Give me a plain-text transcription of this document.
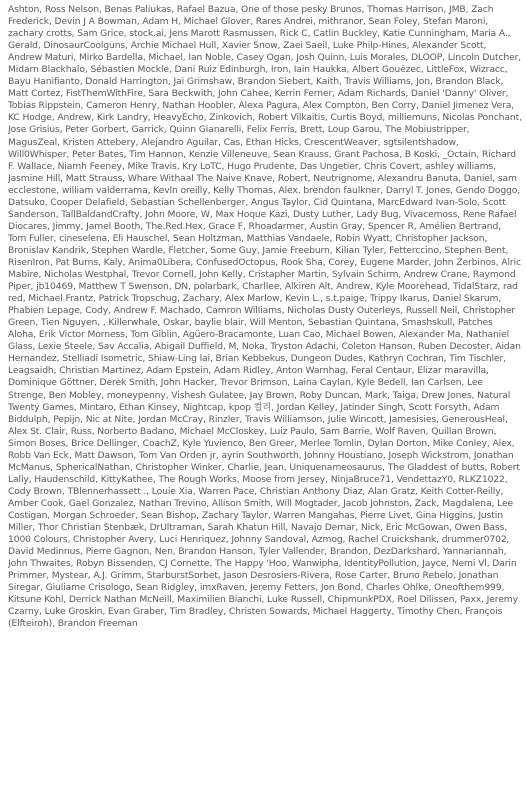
Ashton, Ross Nelson, Benas Paliukas, Rafael Bazua, One of those pesky Brunos, Thomas Harrison, JMB, Zach Frederick, Devin J A Bowman, Adam H, Michael Glover, Rares Andrei, mithranor, Sean Foley, Stefan Maroni, zachary crotts, Sam Grice, stock.ai, Jens Marott Rasmussen, Rick C, Catlin Buckley, Katie Cunningham, Maria A., Gerald, DinosaurCoolguns, Archie Michael Hull, Xavier Snow, Zaei Saeil, Luke Philp-Hines, Alexander Scott, Andrew Maturi, Mirko Bardella, Michael, Ian Noble, Casey Ogan, Josh Quinn, Luis Morales, DLOOP, Lincoln Dutcher, Midarn Blackhalo, Sébastien Mockle, Dani Ruiz Edinburgh, Iron, Iain Haukka, Albert Gouëzec, LittleFox, Wizracc, Bayu Hanifianto, Donald Harrington, Jai Grimshaw, Brandon Siebert, Kaith, Travis Williams, Jon, Brandon Black, Matt Cortez, FistThemWithFire, Sara Beckwith, John Cahee, Kerrin Ferner, Adam Richards, Daniel 'Danny' Oliver, Tobias Rippstein, Cameron Henry, Nathan Hoobler, Alexa Pagura, Alex Compton, Ben Corry, Daniel Jimenez Vera, KC Hodge, Andrew, Kirk Landry, HeavyEcho, Zinkovich, Robert Vilkaitis, Curtis Boyd, milliemuns, Nicolas Ponchant, Jose Grisius, Peter Gorbert, Garrick, Quinn Gianarelli, Felix Ferris, Brett, Loup Garou, The Mobiustripper, MagusZeal, Kristen Attebery, Alejandro Aguilar, Cas, Ethan Hicks, CrescentWeaver, sgtsilentshadow, Will0Whisper, Peter Bates, Tim Hannon, Kenzie Villeneuve, Sean Krauss, Grant Pachosa, B Koski, _Octain, Richard F. Wallace, Niamh Feeney, Mike Travis, Kry LoTC, Hugo Prudente, Das Ungetier, Chris Covert, ashley williams, Jasmine Hill, Matt Strauss, Whare Withaal The Naive Knave, Robert, Neutrignome, Alexandru Banuta, Daniel, sam ecclestone, william valderrama, Kevln oreilly, Kelly Thomas, Alex, brendon faulkner, Darryl T. Jones, Gendo Doggo, Datsuko, Cooper Delafield, Sebastian Schellenberger, Angus Taylor, Cid Quintana, MarcEdward Ivan-Solo, Scott Sanderson, TallBaldandCrafty, John Moore, W, Max Hoque Kazi, Dusty Luther, Lady Bug, Vivacemoss, Rene Rafael Diocares, Jimmy, Jamel Booth, The.Red.Hex, Grace F, Rhoadarmer, Austin Gray, Spencer R, Amélien Bertrand, Tom Fuller, cineselena, Eli Hauschel, Sean Holtzman, Matthias Vandaele, Robin Wyatt, Christopher Jackson, Bronislav Kandrik, Stephen Wardle, Fletcher, Some Guy, Jamie Freeburn, Kilian Tyler, Fetterccino, Stephen Bent, RisenIron, Pat Burns, Kaly, Anima0Libera, ConfusedOctopus, Rook Sha, Corey, Eugene Marder, John Zerbinos, Alric Mabire, Nicholas Westphal, Trevor Cornell, John Kelly, Cristapher Martin, Sylvain Schirm, Andrew Crane, Raymond Piper, jb10469, Matthew T Swenson, DN, polarbark, Charllee, Alkiren Alt, Andrew, Kyle Moorehead, TidalStarz, rad red, Michael Frantz, Patrick Tropschug, Zachary, Alex Marlow, Kevin L., s.t.paige, Trippy Ikarus, Daniel Skarum, Phabien Lepage, Cody, Andrew F. Machado, Camron Williams, Nicholas Dusty Outerleys, Russell Neil, Christopher Green, Tien Nguyen, , Killerwhale, Oskar, baylie blair, Will Menton, Sebastian Quintana, Smashskull, Patches Aloha, Erik Victor Morness, Tom Giblin, Agüero-Bracamonte, Luan Cao, Michael Bowen, Alexander Ma, Nathaniel Glass, Lexie Steele, Sav Accalia, Abigail Duffield, M, Noka, Tryston Adachi, Coleton Hanson, Ruben Decoster, Aidan Hernandez, Stelliadi Isometric, Shiaw-Ling lai, Brian Kebbekus, Dungeon Dudes, Kathryn Cochran, Tim Tischler, Leagsaidh, Christian Martinez, Adam Epstein, Adam Ridley, Anton Warnhag, Feral Centaur, Elizar maravilla, Dominique Göttner, Derek Smith, John Hacker, Trevor Brimson, Laina Caylan, Kyle Bedell, Ian Carlsen, Lee Strenge, Ben Mobley, moneypenny, Vishesh Gulatee, Jay Brown, Roby Duncan, Mark, Taiga, Drew Jones, Natural Twenty Games, Mintaro, Ethan Kinsey, Nightcap, kpop 컬리, Jordan Kelley, Jatinder Singh, Scott Forsyth, Adam Biddulph, Pepijn, Nic at Nite, Jordan McCray, Rinzler, Travis Williamson, Julie Wincott, Jamesisies, GenerousHeal, Alex St. Clair, Russ, Norberto Badano, Michael McCloskey, Luiz Paulo, Sam Barrie, Wolf Raven, Quillan Brown, Simon Boses, Brice Dellinger, CoachZ, Kyle Yuvienco, Ben Greer, Merlee Tomlin, Dylan Dorton, Mike Conley, Alex, Robb Van Eck, Matt Dawson, Tom Van Orden jr, ayrin Southworth, Johnny Houstiano, Joseph Wickstrom, Jonathan McManus, SphericalNathan, Christopher Winker, Charlie, Jean, Uniquenameosaurus, The Gladdest of butts, Robert Lally, Haudenschild, KittyKathee, The Rough Works, Moose from Jersey, NinjaBruce71, VendettazY0, RLKZ1022, Cody Brown, TBlennerhassett ., Louie Xia, Warren Pace, Christian Anthony Diaz, Alan Gratz, Keith Cotter-Reilly, Amber Cook, Gael Gonzalez, Nathan Trevino, Allison Smith, Will Mogtader, Jacob Johnston, Zack, Magdalena, Lee Costigan, Morgan Schroeder, Sean Bishop, Zachary Taylor, Warren Mangahas, Pierre Livet, Gina Higgins, Justin Miller, Thor Christian Stenbæk, DrUltraman, Sarah Khatun Hill, Navajo Demar, Nick, Eric McGowan, Owen Bass, 1000 Colours, Christopher Avery, Luci Henriquez, Johnny Sandoval, Azmog, Rachel Cruickshank, drummer0702, David Medinnus, Pierre Gagnon, Nen, Brandon Hanson, Tyler Vallender, Brandon, DezDarkshard, Yannariannah, John Thwaites, Robyn Bissenden, CJ Cornette, The Happy 'Hoo, Wanwipha, IdentityPollution, Jayce, Nemi Vl, Darin Primmer, Mystear, A.J. Grimm, StarburstSorbet, Jason Desrosiers-Rivera, Rose Carter, Bruno Rebelo, Jonathan Siregar, Giuliame Crisologo, Sean Ridgley, imxRaven, Jeremy Fetters, Jon Bond, Charles Ohlke, Oneofthem999, Kitsune Kohl, Derrick Nathan McNeill, Maximilien Bianchi, Luke Russell, ChipmunkPDX, Roel Dilissen, Paxx, Jeremy Czarny, Luke Groskin, Evan Graber, Tim Bradley, Christen Sowards, Michael Haggerty, Timothy Chen, François (Elfteiroh), Brandon Freeman
